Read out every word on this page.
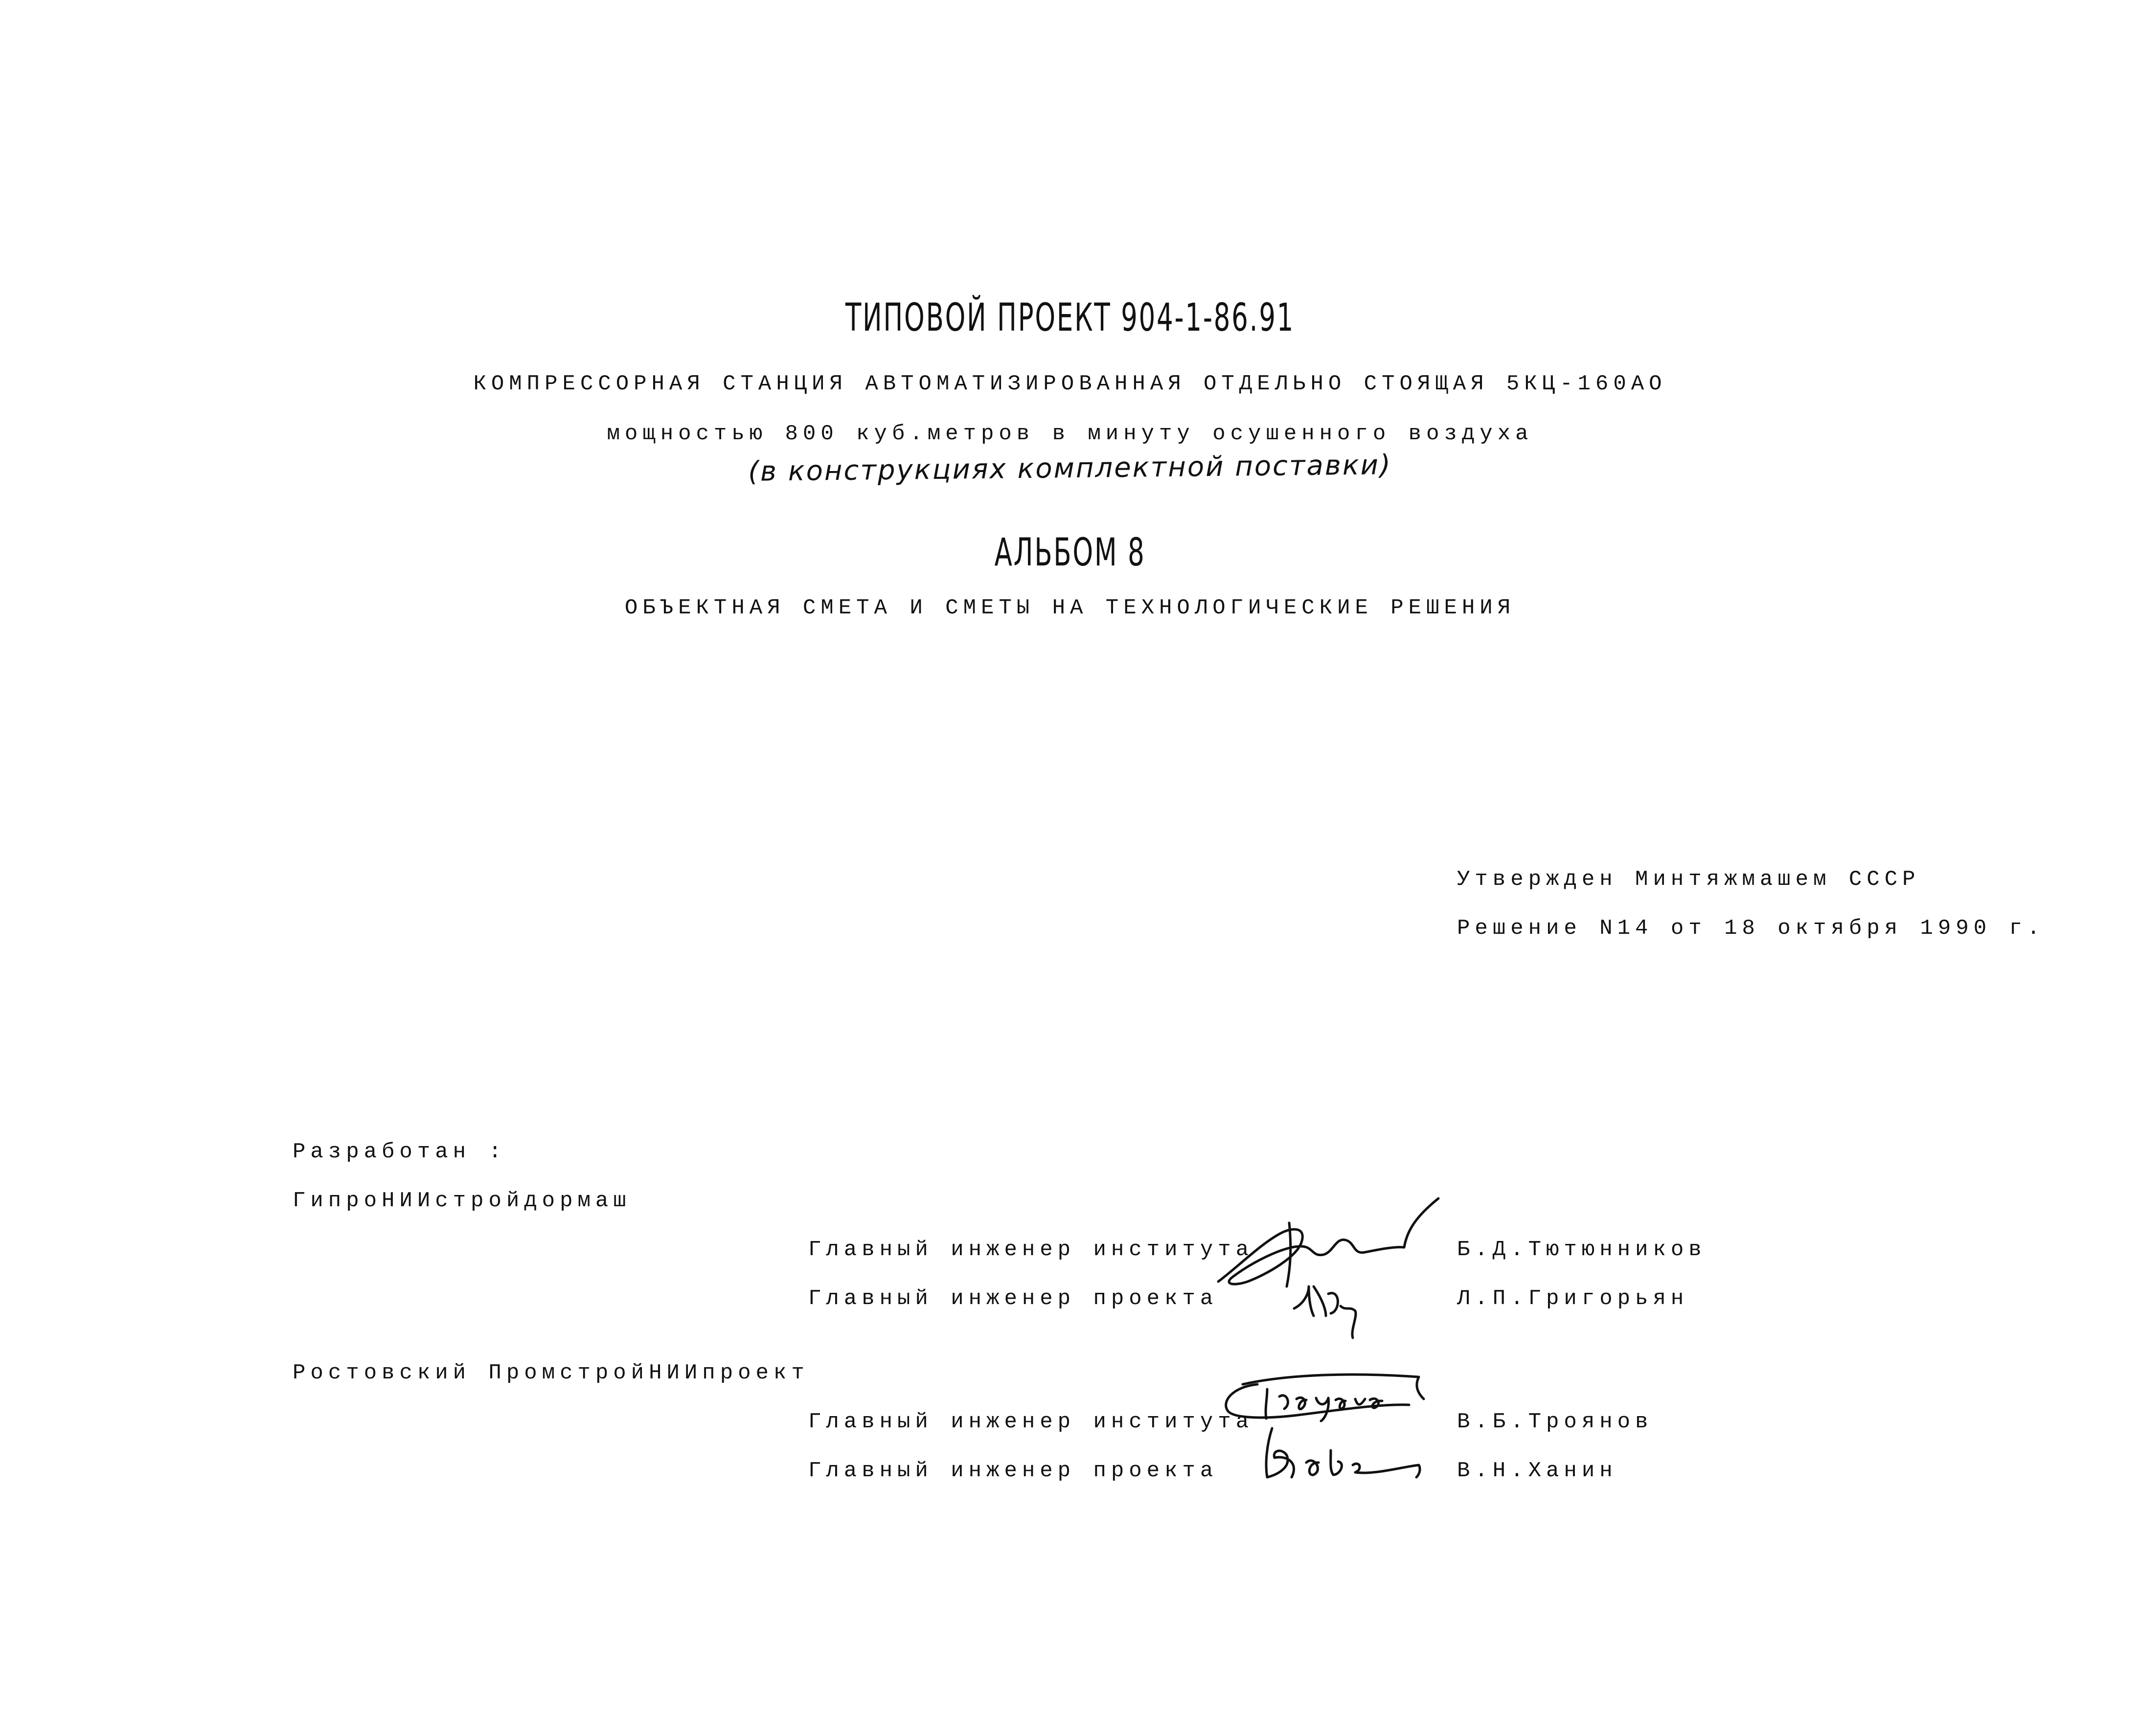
ТИПОВОЙ ПРОЕКТ 904-1-86.91
КОМПРЕССОРНАЯ СТАНЦИЯ АВТОМАТИЗИРОВАННАЯ ОТДЕЛЬНО СТОЯЩАЯ 5КЦ-160АО
мощностью 800 куб.метров в минуту осушенного воздуха
(в конструкциях комплектной поставки)
АЛЬБОМ 8
ОБЪЕКТНАЯ СМЕТА И СМЕТЫ НА ТЕХНОЛОГИЧЕСКИЕ РЕШЕНИЯ
Утвержден Минтяжмашем СССР
Решение N14 от 18 октября 1990 г.
Разработан :
ГипроНИИстройдормаш
Главный инженер института	Б.Д.Тютюнников
Главный инженер проекта	Л.П.Григорьян
Ростовский ПромстройНИИпроект
Главный инженер института	В.Б.Троянов
Главный инженер проекта	В.Н.Ханин
